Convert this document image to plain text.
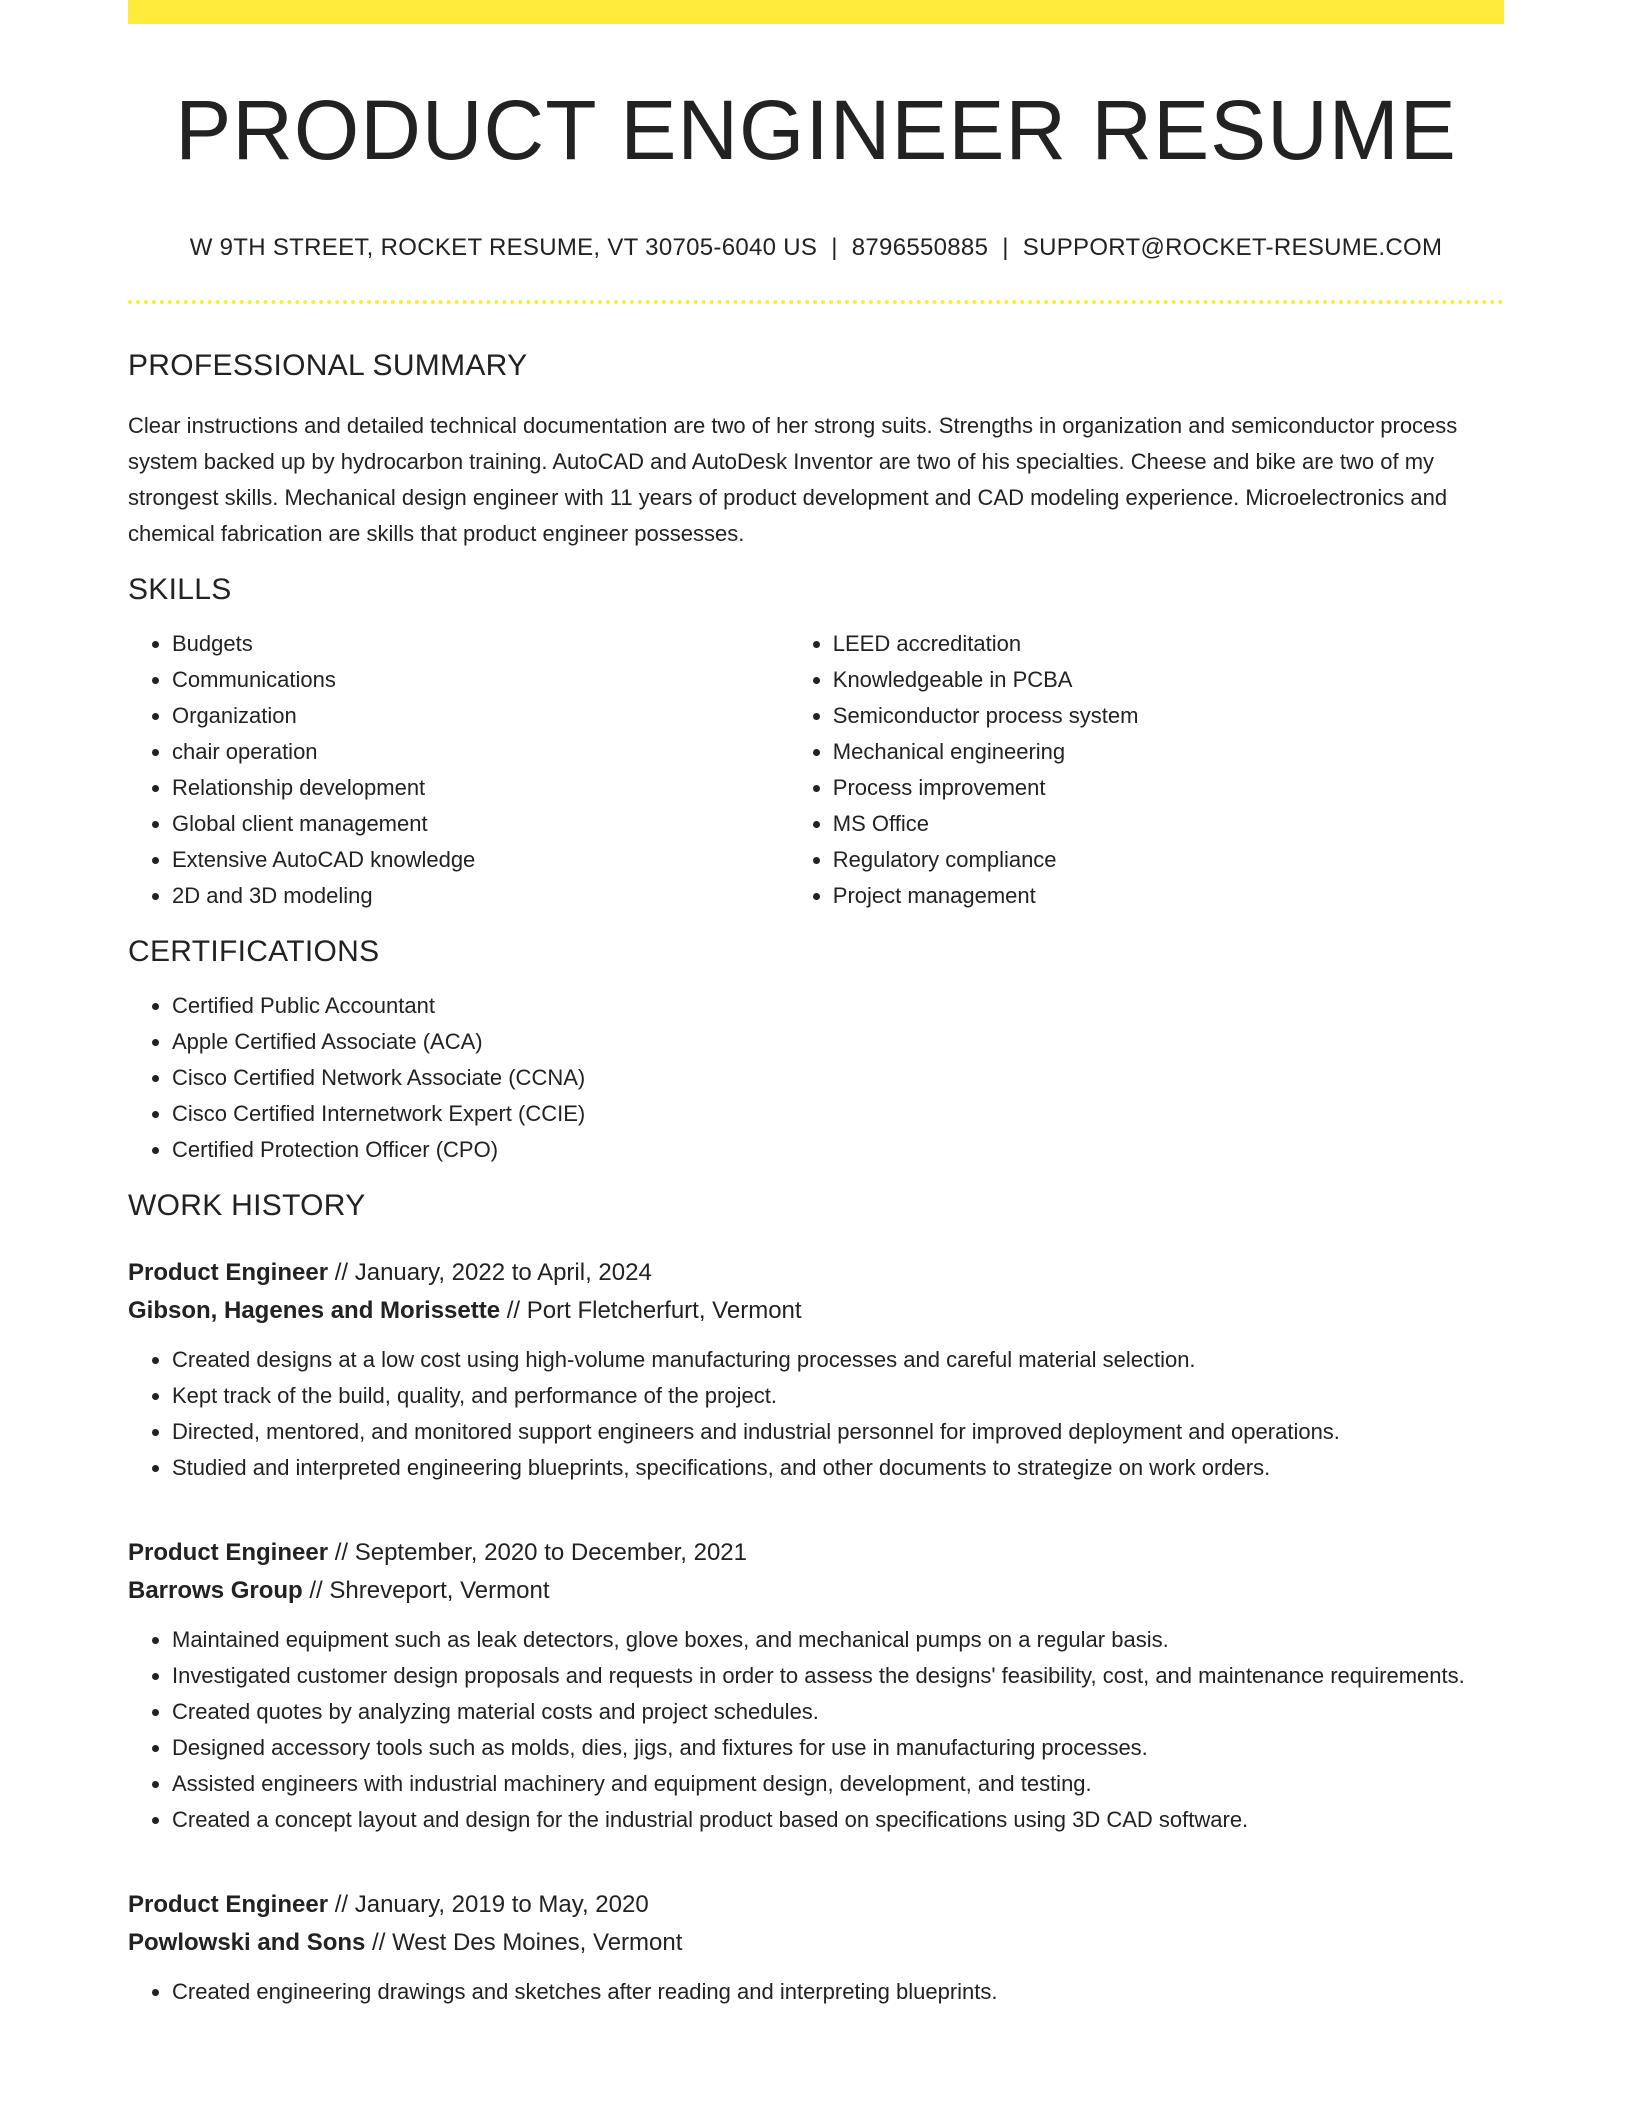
PRODUCT ENGINEER RESUME
W 9TH STREET, ROCKET RESUME, VT 30705-6040 US | 8796550885 | SUPPORT@ROCKET-RESUME.COM
PROFESSIONAL SUMMARY

Clear instructions and detailed technical documentation are two of her strong suits. Strengths in organization and semiconductor process system backed up by hydrocarbon training. AutoCAD and AutoDesk Inventor are two of his specialties. Cheese and bike are two of my strongest skills. Mechanical design engineer with 11 years of product development and CAD modeling experience. Microelectronics and chemical fabrication are skills that product engineer possesses.

SKILLS
• Budgets
• Communications
• Organization
• chair operation
• Relationship development
• Global client management
• Extensive AutoCAD knowledge
• 2D and 3D modeling
• LEED accreditation
• Knowledgeable in PCBA
• Semiconductor process system
• Mechanical engineering
• Process improvement
• MS Office
• Regulatory compliance
• Project management
CERTIFICATIONS
• Certified Public Accountant
• Apple Certified Associate (ACA)
• Cisco Certified Network Associate (CCNA)
• Cisco Certified Internetwork Expert (CCIE)
• Certified Protection Officer (CPO)
WORK HISTORY
Product Engineer // January, 2022 to April, 2024
Gibson, Hagenes and Morissette // Port Fletcherfurt, Vermont
• Created designs at a low cost using high-volume manufacturing processes and careful material selection.
• Kept track of the build, quality, and performance of the project.
• Directed, mentored, and monitored support engineers and industrial personnel for improved deployment and operations.
• Studied and interpreted engineering blueprints, specifications, and other documents to strategize on work orders.
Product Engineer // September, 2020 to December, 2021
Barrows Group // Shreveport, Vermont
• Maintained equipment such as leak detectors, glove boxes, and mechanical pumps on a regular basis.
• Investigated customer design proposals and requests in order to assess the designs' feasibility, cost, and maintenance requirements.
• Created quotes by analyzing material costs and project schedules.
• Designed accessory tools such as molds, dies, jigs, and fixtures for use in manufacturing processes.
• Assisted engineers with industrial machinery and equipment design, development, and testing.
• Created a concept layout and design for the industrial product based on specifications using 3D CAD software.
Product Engineer // January, 2019 to May, 2020
Powlowski and Sons // West Des Moines, Vermont
• Created engineering drawings and sketches after reading and interpreting blueprints.
